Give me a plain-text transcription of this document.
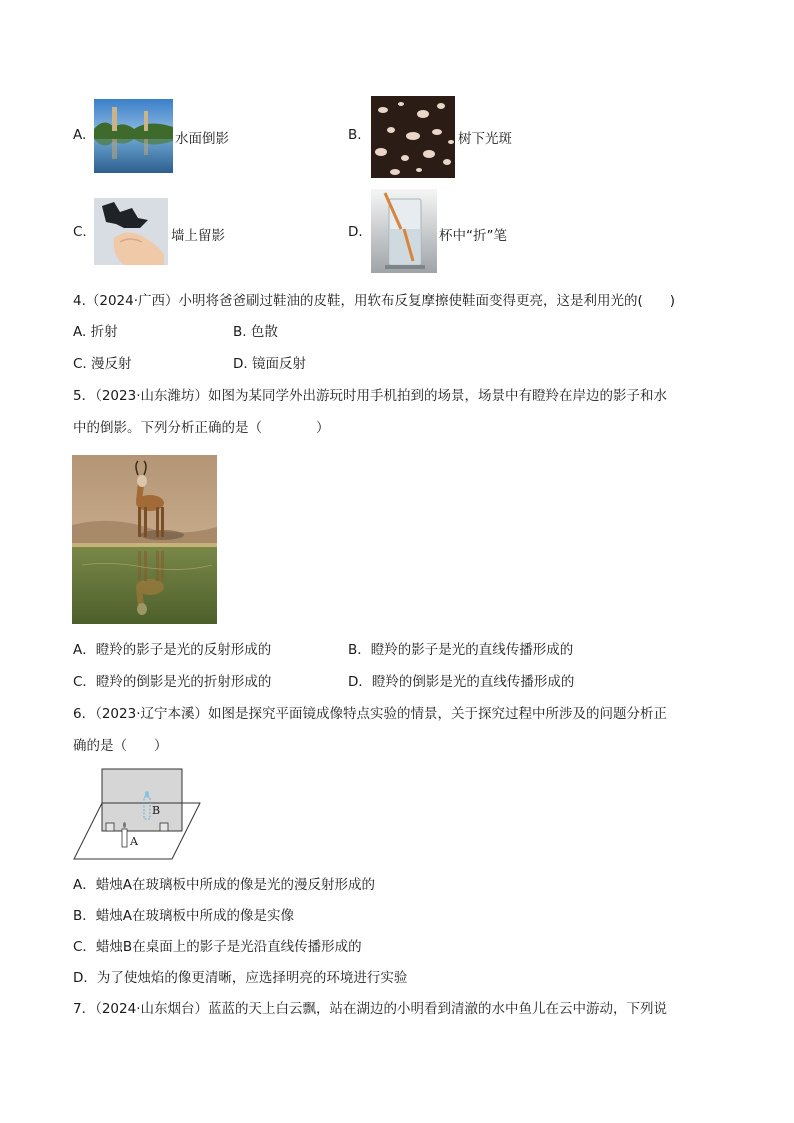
A.	水面倒影	B.	树下光斑
C.	墙上留影	D.	杯中“折”笔
4.（2024·广西）小明将爸爸刷过鞋油的皮鞋，用软布反复摩擦使鞋面变得更亮，这是利用光的(　　)
A. 折射	B. 色散
C. 漫反射	D. 镜面反射
5．（2023·山东潍坊）如图为某同学外出游玩时用手机拍到的场景，场景中有瞪羚在岸边的影子和水
中的倒影。下列分析正确的是（　　　　）
A．瞪羚的影子是光的反射形成的	B．瞪羚的影子是光的直线传播形成的
C．瞪羚的倒影是光的折射形成的	D．瞪羚的倒影是光的直线传播形成的
6．（2023·辽宁本溪）如图是探究平面镜成像特点实验的情景，关于探究过程中所涉及的问题分析正
确的是（　　）
B
A
A．蜡烛A在玻璃板中所成的像是光的漫反射形成的
B．蜡烛A在玻璃板中所成的像是实像
C．蜡烛B在桌面上的影子是光沿直线传播形成的
D．为了使烛焰的像更清晰，应选择明亮的环境进行实验
7．（2024·山东烟台）蓝蓝的天上白云飘，站在湖边的小明看到清澈的水中鱼儿在云中游动，下列说
